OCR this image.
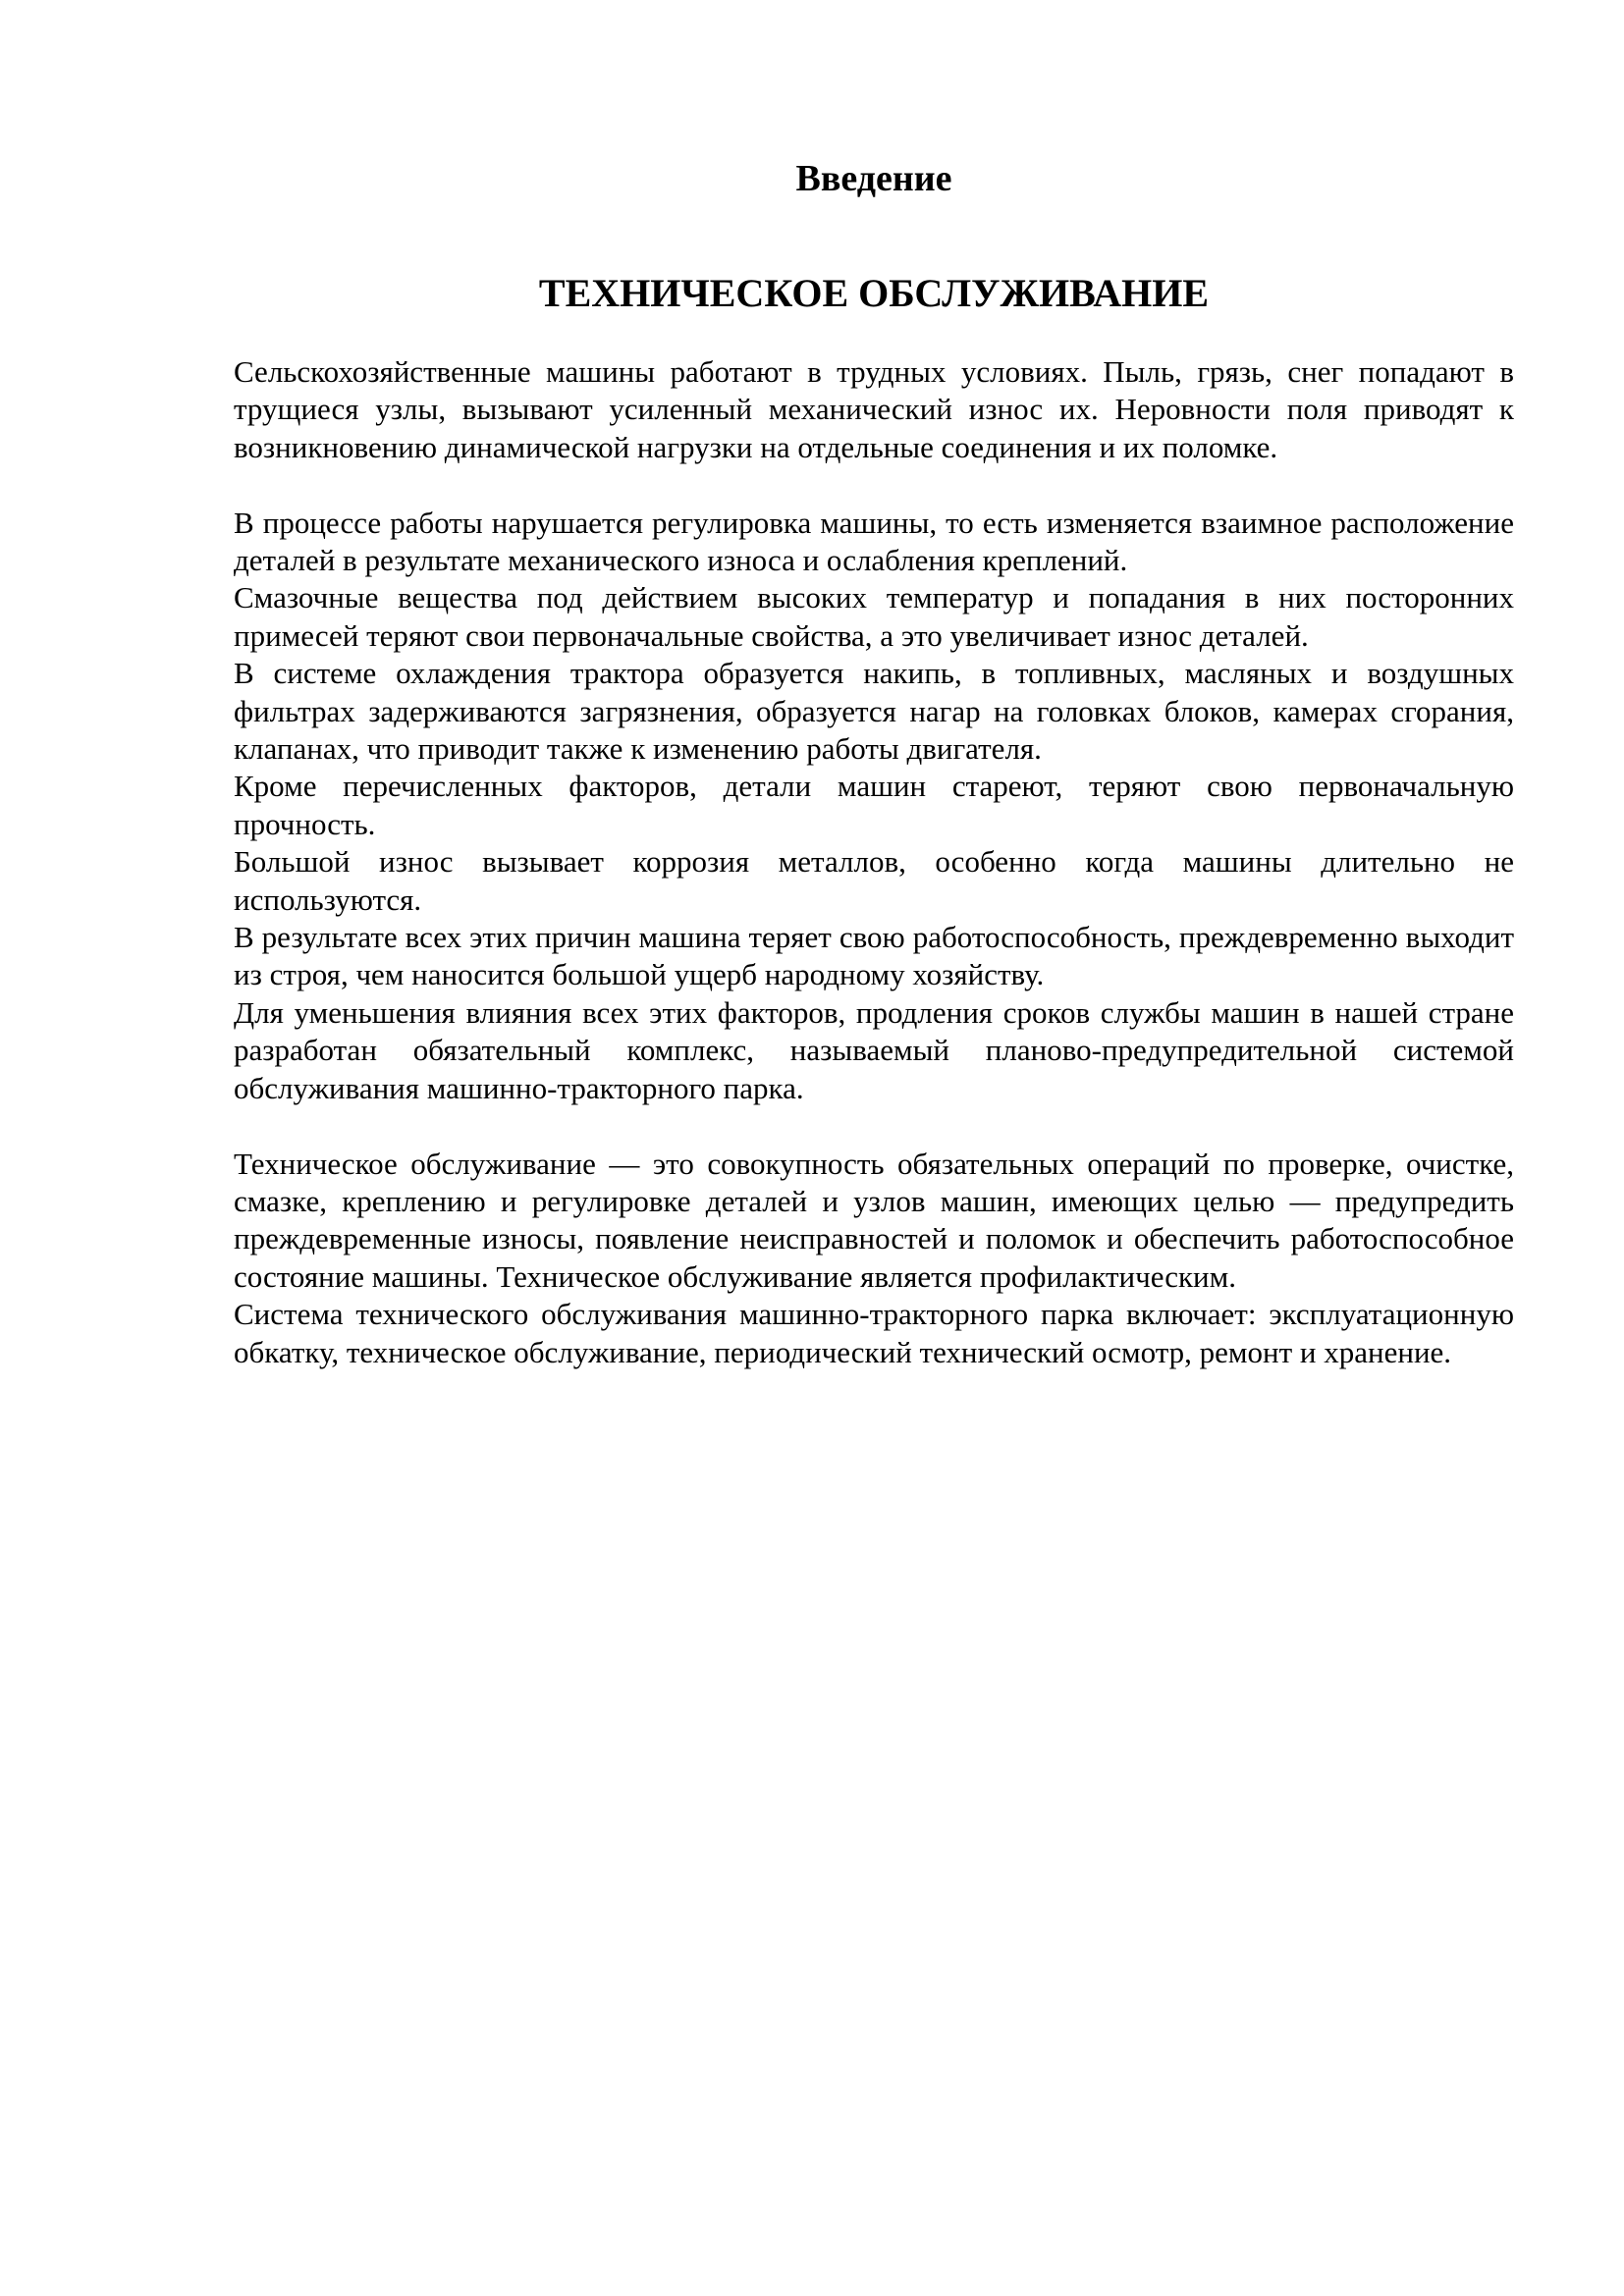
Введение
ТЕХНИЧЕСКОЕ ОБСЛУЖИВАНИЕ

Сельскохозяйственные машины работают в трудных условиях. Пыль, грязь, снег попадают в трущиеся узлы, вызывают усиленный механический износ их. Неровности поля приводят к возникновению динамической нагрузки на отдельные соединения и их поломке.

В процессе работы нарушается регулировка машины, то есть изменяется взаимное расположение деталей в результате механического износа и ослабления креплений.

Смазочные вещества под действием высоких температур и попадания в них посторонних примесей теряют свои первоначальные свойства, а это увеличивает износ деталей.

В системе охлаждения трактора образуется накипь, в топливных, масляных и воздушных фильтрах задерживаются загрязнения, образуется нагар на головках блоков, камерах сгорания, клапанах, что приводит также к изменению работы двигателя.

Кроме перечисленных факторов, детали машин стареют, теряют свою первоначальную прочность.

Большой износ вызывает коррозия металлов, особенно когда машины длительно не используются.

В результате всех этих причин машина теряет свою работоспособность, преждевременно выходит из строя, чем наносится большой ущерб народному хозяйству.

Для уменьшения влияния всех этих факторов, продления сроков службы машин в нашей стране разработан обязательный комплекс, называемый планово-предупредительной системой обслуживания машинно-тракторного парка.

Техническое обслуживание — это совокупность обязательных операций по проверке, очистке, смазке, креплению и регулировке деталей и узлов машин, имеющих целью — предупредить преждевременные износы, появление неисправностей и поломок и обеспечить работоспособное состояние машины. Техническое обслуживание является профилактическим.

Система технического обслуживания машинно-тракторного парка включает: эксплуатационную обкатку, техническое обслуживание, периодический технический осмотр, ремонт и хранение.
